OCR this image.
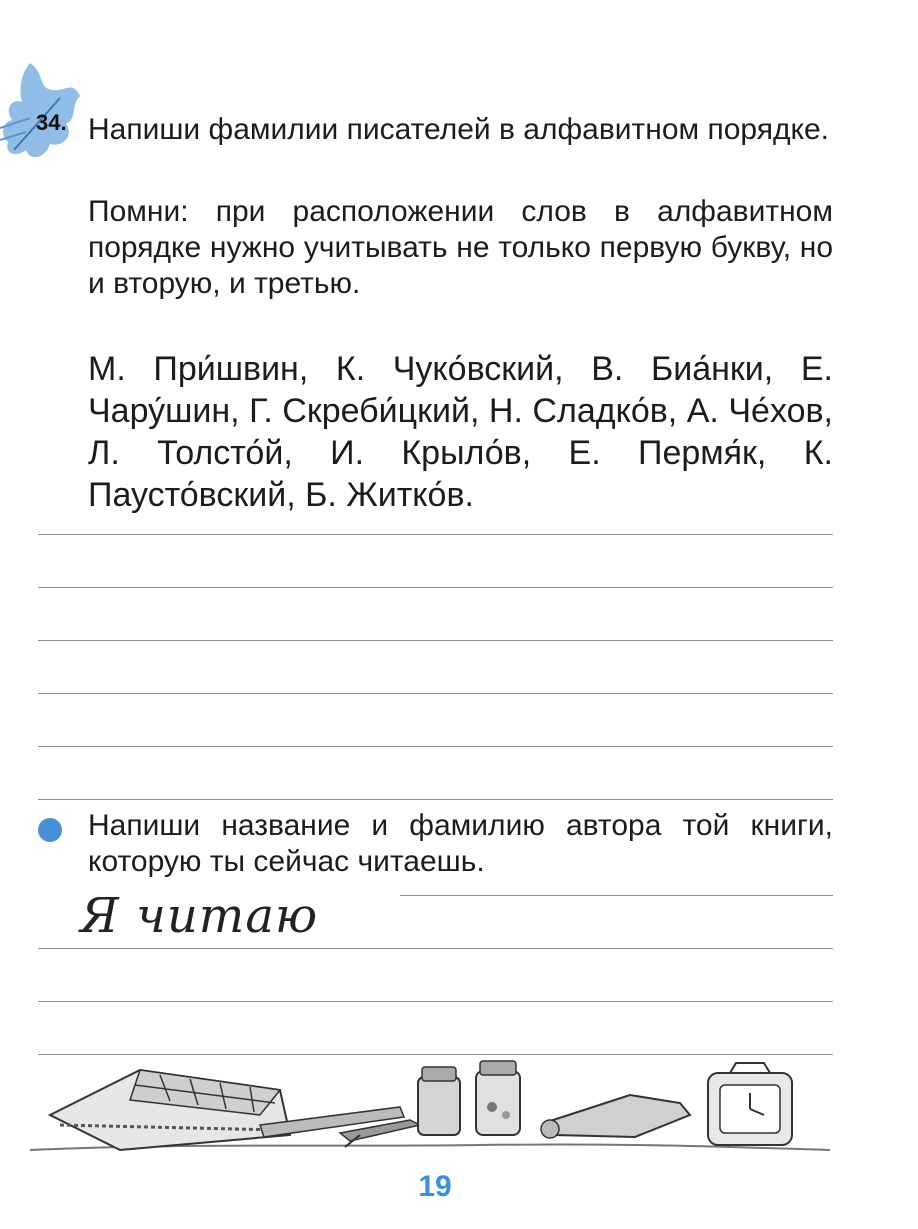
34. Напиши фамилии писателей в алфавитном порядке.

Помни: при расположении слов в алфавитном порядке нужно учитывать не только первую букву, но и вторую, и третью.

М. При́швин, К. Чуко́вский, В. Биа́нки, Е. Чару́шин, Г. Скреби́цкий, Н. Сладко́в, А. Че́хов, Л. Толсто́й, И. Крыло́в, Е. Пермя́к, К. Паусто́вский, Б. Житко́в.

Напиши название и фамилию автора той книги, которую ты сейчас читаешь.

Я читаю
19
